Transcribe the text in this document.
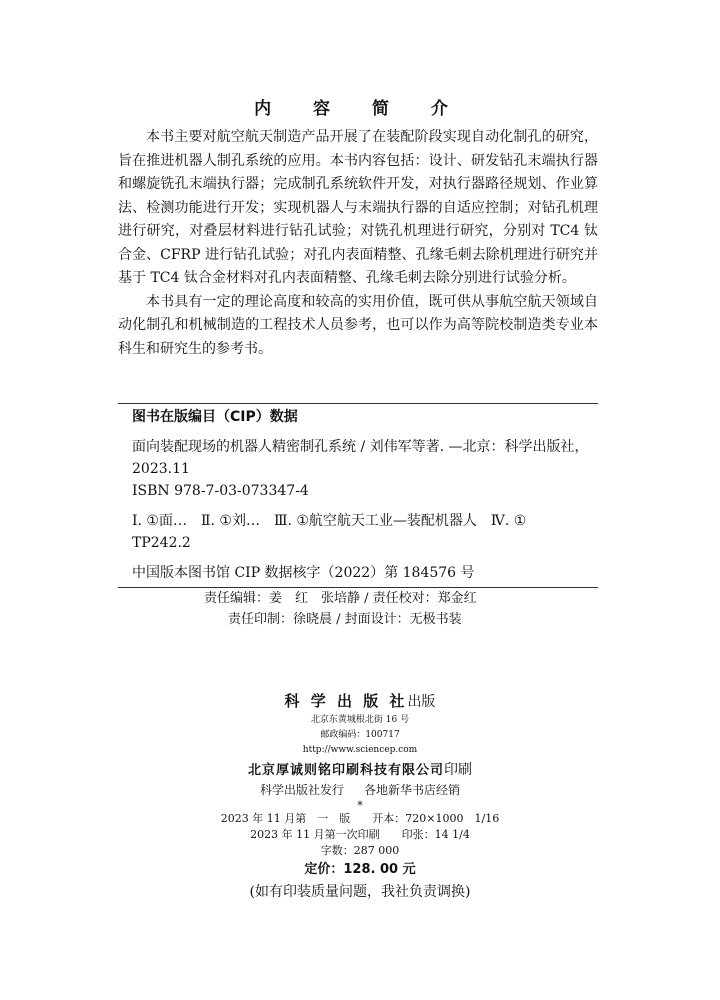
内 容 简 介

本书主要对航空航天制造产品开展了在装配阶段实现自动化制孔的研究，旨在推进机器人制孔系统的应用。本书内容包括：设计、研发钻孔末端执行器和螺旋铣孔末端执行器；完成制孔系统软件开发，对执行器路径规划、作业算法、检测功能进行开发；实现机器人与末端执行器的自适应控制；对钻孔机理进行研究，对叠层材料进行钻孔试验；对铣孔机理进行研究，分别对 TC4 钛合金、CFRP 进行钻孔试验；对孔内表面精整、孔缘毛刺去除机理进行研究并基于 TC4 钛合金材料对孔内表面精整、孔缘毛刺去除分别进行试验分析。

本书具有一定的理论高度和较高的实用价值，既可供从事航空航天领域自动化制孔和机械制造的工程技术人员参考，也可以作为高等院校制造类专业本科生和研究生的参考书。

图书在版编目（CIP）数据

面向装配现场的机器人精密制孔系统 / 刘伟军等著. —北京：科学出版社，2023.11

ISBN 978-7-03-073347-4

Ⅰ. ①面…　Ⅱ. ①刘…　Ⅲ. ①航空航天工业—装配机器人　Ⅳ. ①　TP242.2

中国版本图书馆 CIP 数据核字（2022）第 184576 号

责任编辑：姜　红　张培静 / 责任校对：郑金红
责任印制：徐晓晨 / 封面设计：无极书装
科 学 出 版 社出版
北京东黄城根北街 16 号
邮政编码：100717
http://www.sciencep.com
北京厚诚则铭印刷科技有限公司印刷
科学出版社发行 各地新华书店经销
*
2023 年 11 月第　一　版 开本：720×1000　1/16
2023 年 11 月第一次印刷 印张：14 1/4
字数：287 000
定价：128. 00 元
(如有印装质量问题，我社负责调换)
